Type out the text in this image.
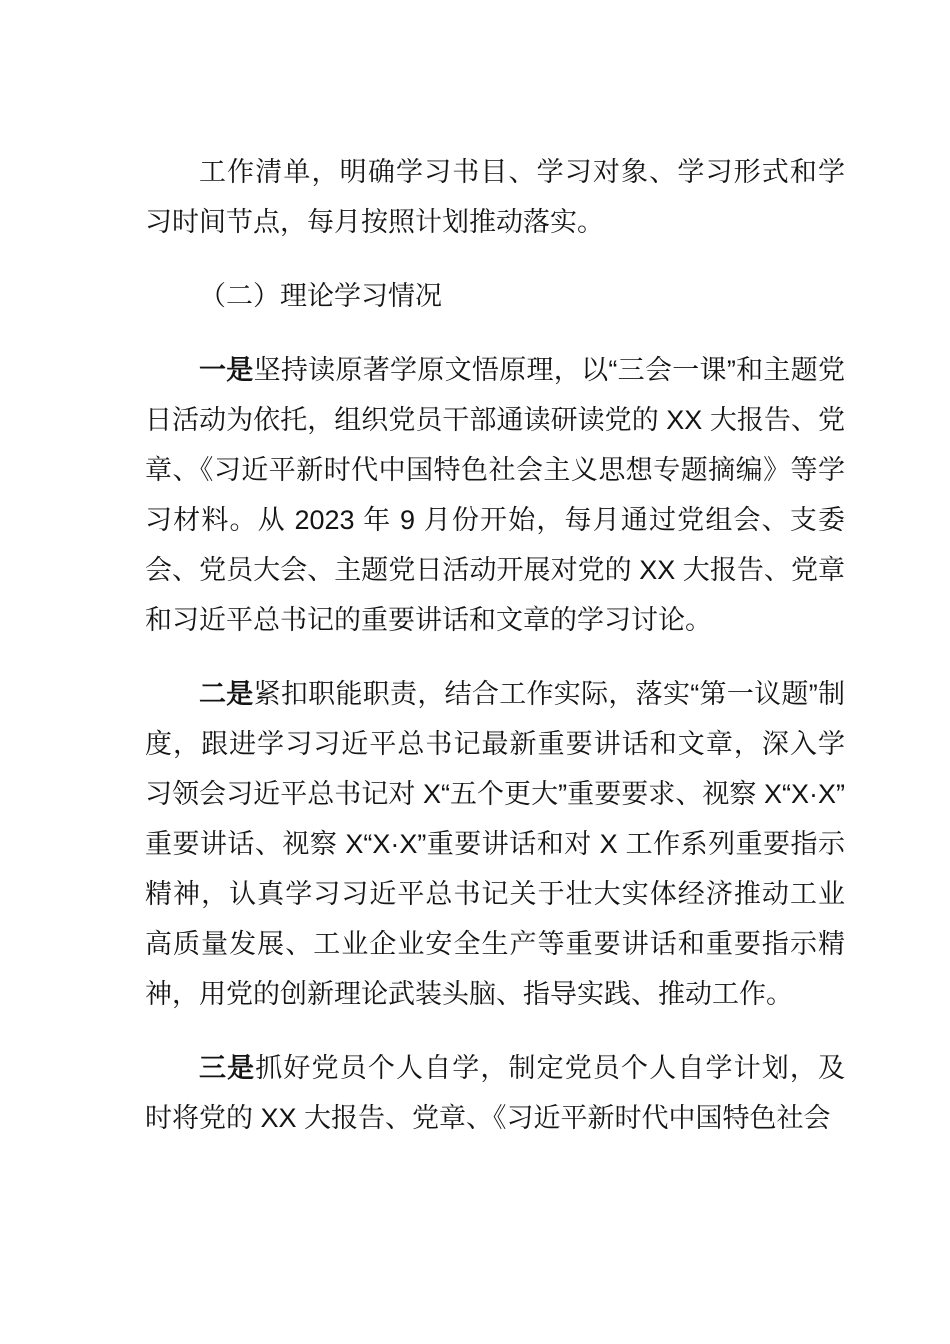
工作清单，明确学习书目、学习对象、学习形式和学习时间节点，每月按照计划推动落实。

（二）理论学习情况

一是坚持读原著学原文悟原理，以“三会一课”和主题党日活动为依托，组织党员干部通读研读党的 XX 大报告、党章、《习近平新时代中国特色社会主义思想专题摘编》等学习材料。从 2023 年 9 月份开始，每月通过党组会、支委会、党员大会、主题党日活动开展对党的 XX 大报告、党章和习近平总书记的重要讲话和文章的学习讨论。

二是紧扣职能职责，结合工作实际，落实“第一议题”制度，跟进学习习近平总书记最新重要讲话和文章，深入学习领会习近平总书记对 X“五个更大”重要要求、视察 X“X·X”重要讲话、视察 X“X·X”重要讲话和对 X 工作系列重要指示精神，认真学习习近平总书记关于壮大实体经济推动工业高质量发展、工业企业安全生产等重要讲话和重要指示精神，用党的创新理论武装头脑、指导实践、推动工作。

三是抓好党员个人自学，制定党员个人自学计划，及时将党的 XX 大报告、党章、《习近平新时代中国特色社会
